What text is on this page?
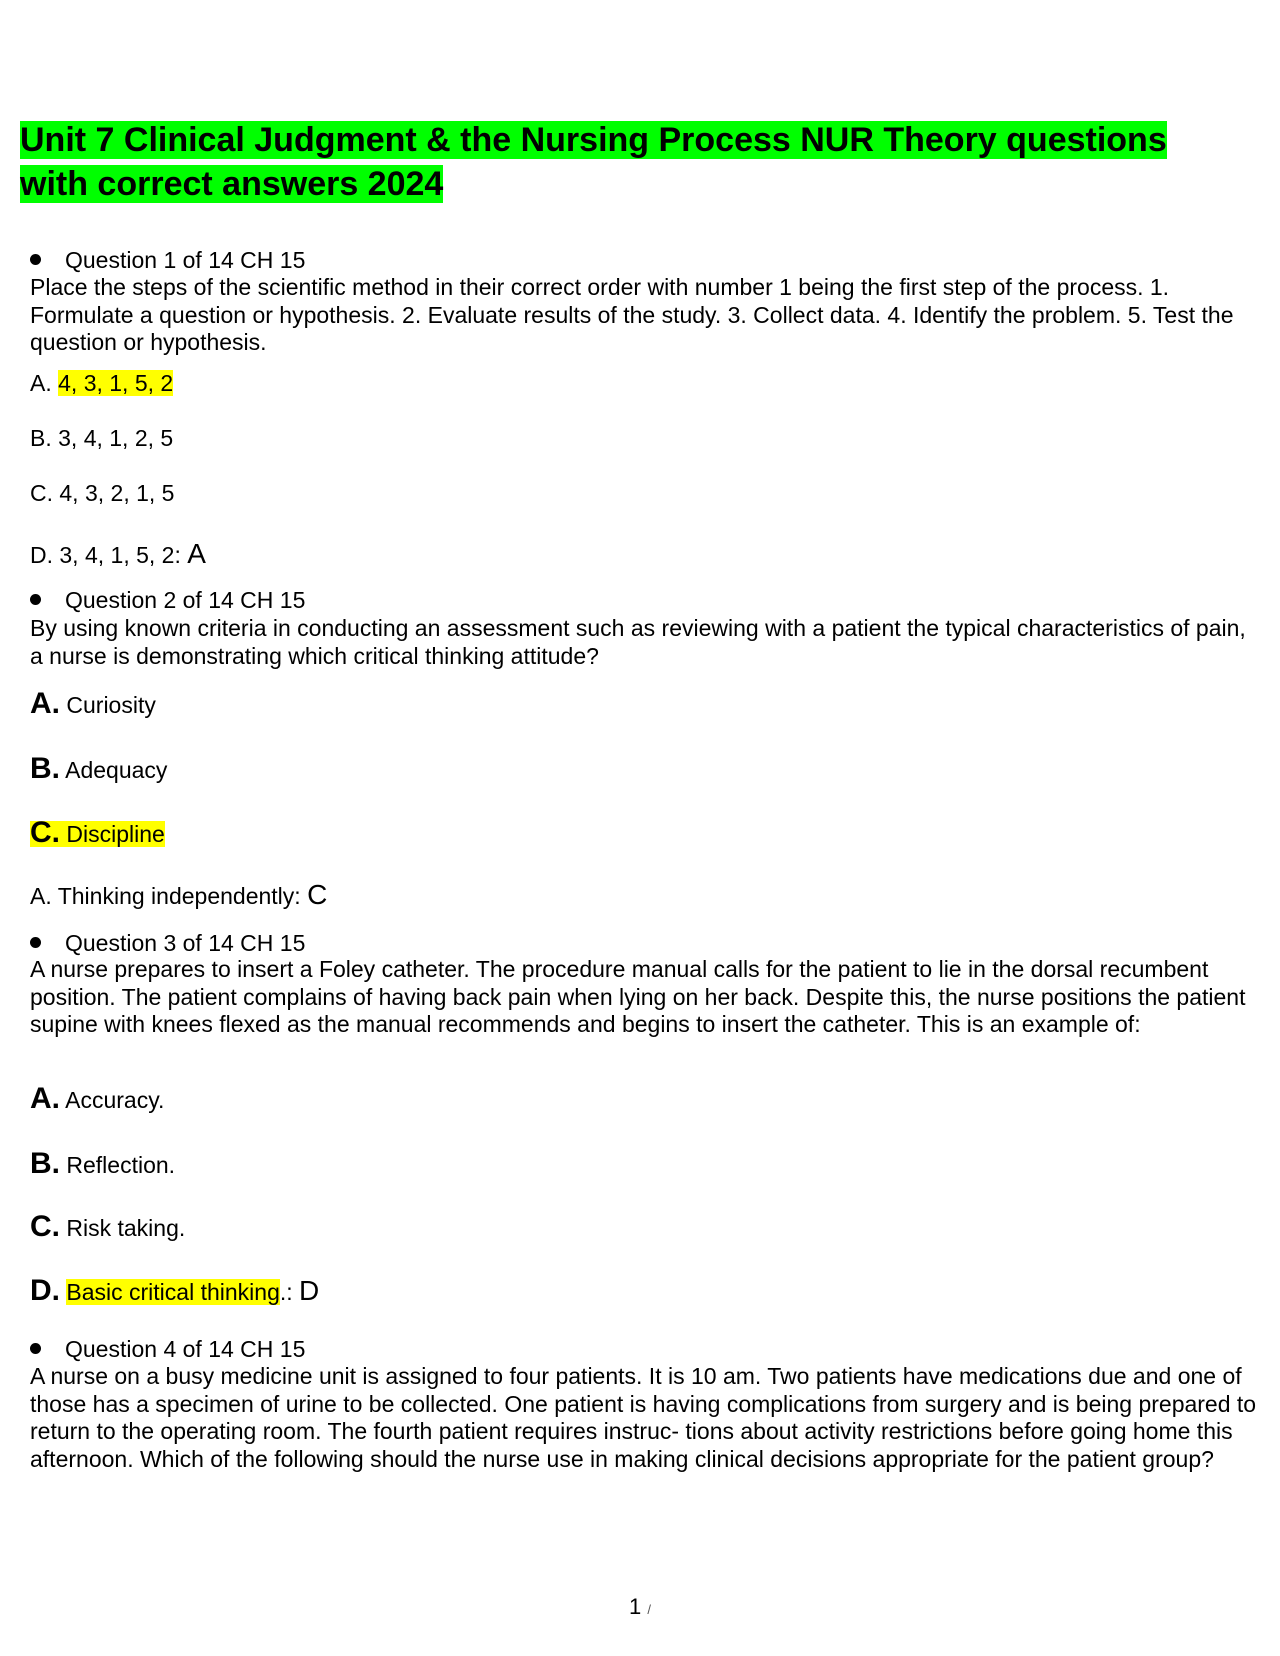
Unit 7 Clinical Judgment & the Nursing Process NUR Theory questions with correct answers 2024
Question 1 of 14 CH 15

Place the steps of the scientific method in their correct order with number 1 being the first step of the process. 1. Formulate a question or hypothesis. 2. Evaluate results of the study. 3. Collect data. 4. Identify the problem. 5. Test the question or hypothesis.

A. 4, 3, 1, 5, 2
B. 3, 4, 1, 2, 5
C. 4, 3, 2, 1, 5
D. 3, 4, 1, 5, 2: A
Question 2 of 14 CH 15

By using known criteria in conducting an assessment such as reviewing with a patient the typical characteristics of pain, a nurse is demonstrating which critical thinking attitude?

A. Curiosity
B. Adequacy
C. Discipline
A. Thinking independently: C
Question 3 of 14 CH 15

A nurse prepares to insert a Foley catheter. The procedure manual calls for the patient to lie in the dorsal recumbent position. The patient complains of having back pain when lying on her back. Despite this, the nurse positions the patient supine with knees flexed as the manual recommends and begins to insert the catheter. This is an example of:

A. Accuracy.
B. Reflection.
C. Risk taking.
D. Basic critical thinking.: D
Question 4 of 14 CH 15

A nurse on a busy medicine unit is assigned to four patients. It is 10 am. Two patients have medications due and one of those has a specimen of urine to be collected. One patient is having complications from surgery and is being prepared to return to the operating room. The fourth patient requires instruc- tions about activity restrictions before going home this afternoon. Which of the following should the nurse use in making clinical decisions appropriate for the patient group?

1 /
